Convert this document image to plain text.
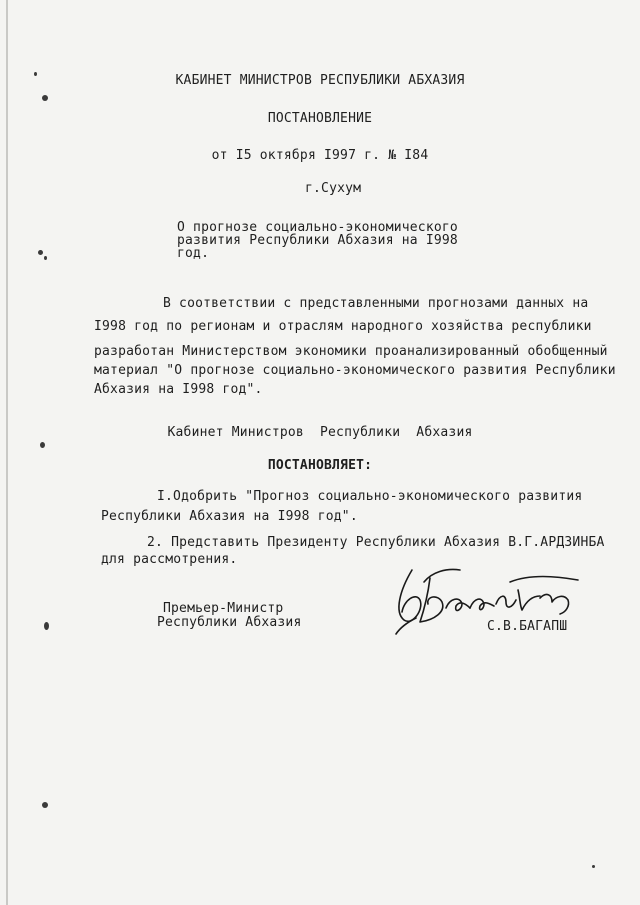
КАБИНЕТ МИНИСТРОВ РЕСПУБЛИКИ АБХАЗИЯ
ПОСТАНОВЛЕНИЕ
от I5 октября I997 г. № I84
г.Сухум
О прогнозе социально-экономического
развития Республики Абхазия на I998
год.
В соответствии с представленными прогнозами данных на
I998 год по регионам и отраслям народного хозяйства республики
разработан Министерством экономики проанализированный обобщенный
материал "О прогнозе социально-экономического развития Республики
Абхазия на I998 год".
Кабинет Министров  Республики  Абхазия
ПОСТАНОВЛЯЕТ:
I.Одобрить "Прогноз социально-экономического развития
Республики Абхазия на I998 год".
2. Представить Президенту Республики Абхазия В.Г.АРДЗИНБА
для рассмотрения.
Премьер-Министр
Республики Абхазия	С.В.БАГАПШ
